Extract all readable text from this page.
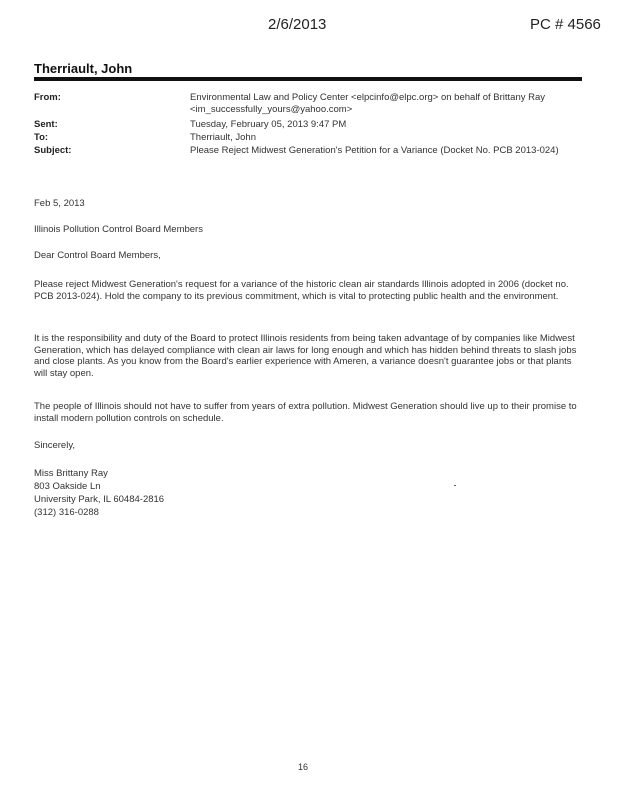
2/6/2013	PC # 4566
Therriault, John
From:	Environmental Law and Policy Center <elpcinfo@elpc.org> on behalf of Brittany Ray
<im_successfully_yours@yahoo.com>
Sent:	Tuesday, February 05, 2013 9:47 PM
To:	Therriault, John
Subject:	Please Reject Midwest Generation's Petition for a Variance (Docket No. PCB 2013-024)
Feb 5, 2013
Illinois Pollution Control Board Members
Dear Control Board Members,
Please reject Midwest Generation's request for a variance of the historic clean air standards Illinois adopted in 2006 (docket no. PCB 2013-024). Hold the company to its previous commitment, which is vital to protecting public health and the environment.
It is the responsibility and duty of the Board to protect Illinois residents from being taken advantage of by companies like Midwest Generation, which has delayed compliance with clean air laws for long enough and which has hidden behind threats to slash jobs and close plants. As you know from the Board's earlier experience with Ameren, a variance doesn't guarantee jobs or that plants will stay open.
The people of Illinois should not have to suffer from years of extra pollution. Midwest Generation should live up to their promise to install modern pollution controls on schedule.
Sincerely,
Miss Brittany Ray
803 Oakside Ln
University Park, IL 60484-2816
(312) 316-0288
16
